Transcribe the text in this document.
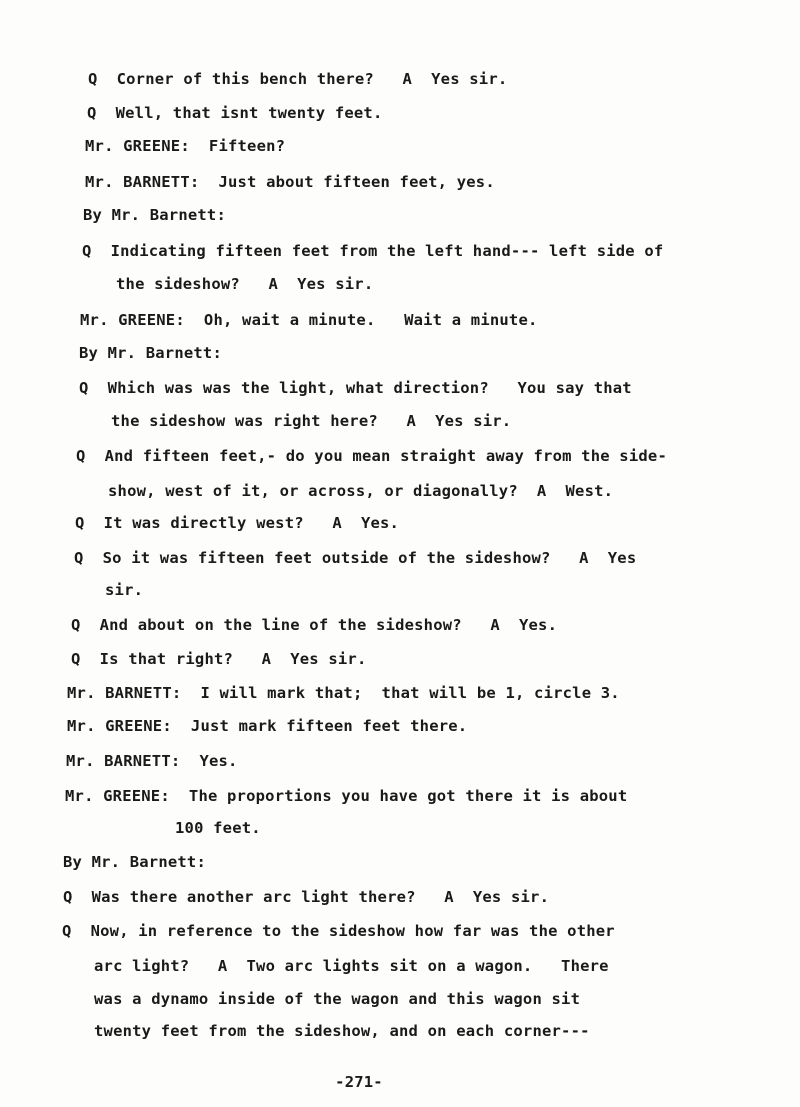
Q  Corner of this bench there?   A  Yes sir.
Q  Well, that isnt twenty feet.
Mr. GREENE:  Fifteen?
Mr. BARNETT:  Just about fifteen feet, yes.
By Mr. Barnett:
Q  Indicating fifteen feet from the left hand--- left side of
the sideshow?   A  Yes sir.
Mr. GREENE:  Oh, wait a minute.   Wait a minute.
By Mr. Barnett:
Q  Which was was the light, what direction?   You say that
the sideshow was right here?   A  Yes sir.
Q  And fifteen feet,- do you mean straight away from the side-
show, west of it, or across, or diagonally?  A  West.
Q  It was directly west?   A  Yes.
Q  So it was fifteen feet outside of the sideshow?   A  Yes
sir.
Q  And about on the line of the sideshow?   A  Yes.
Q  Is that right?   A  Yes sir.
Mr. BARNETT:  I will mark that;  that will be 1, circle 3.
Mr. GREENE:  Just mark fifteen feet there.
Mr. BARNETT:  Yes.
Mr. GREENE:  The proportions you have got there it is about
100 feet.
By Mr. Barnett:
Q  Was there another arc light there?   A  Yes sir.
Q  Now, in reference to the sideshow how far was the other
arc light?   A  Two arc lights sit on a wagon.   There
was a dynamo inside of the wagon and this wagon sit
twenty feet from the sideshow, and on each corner---
-271-
